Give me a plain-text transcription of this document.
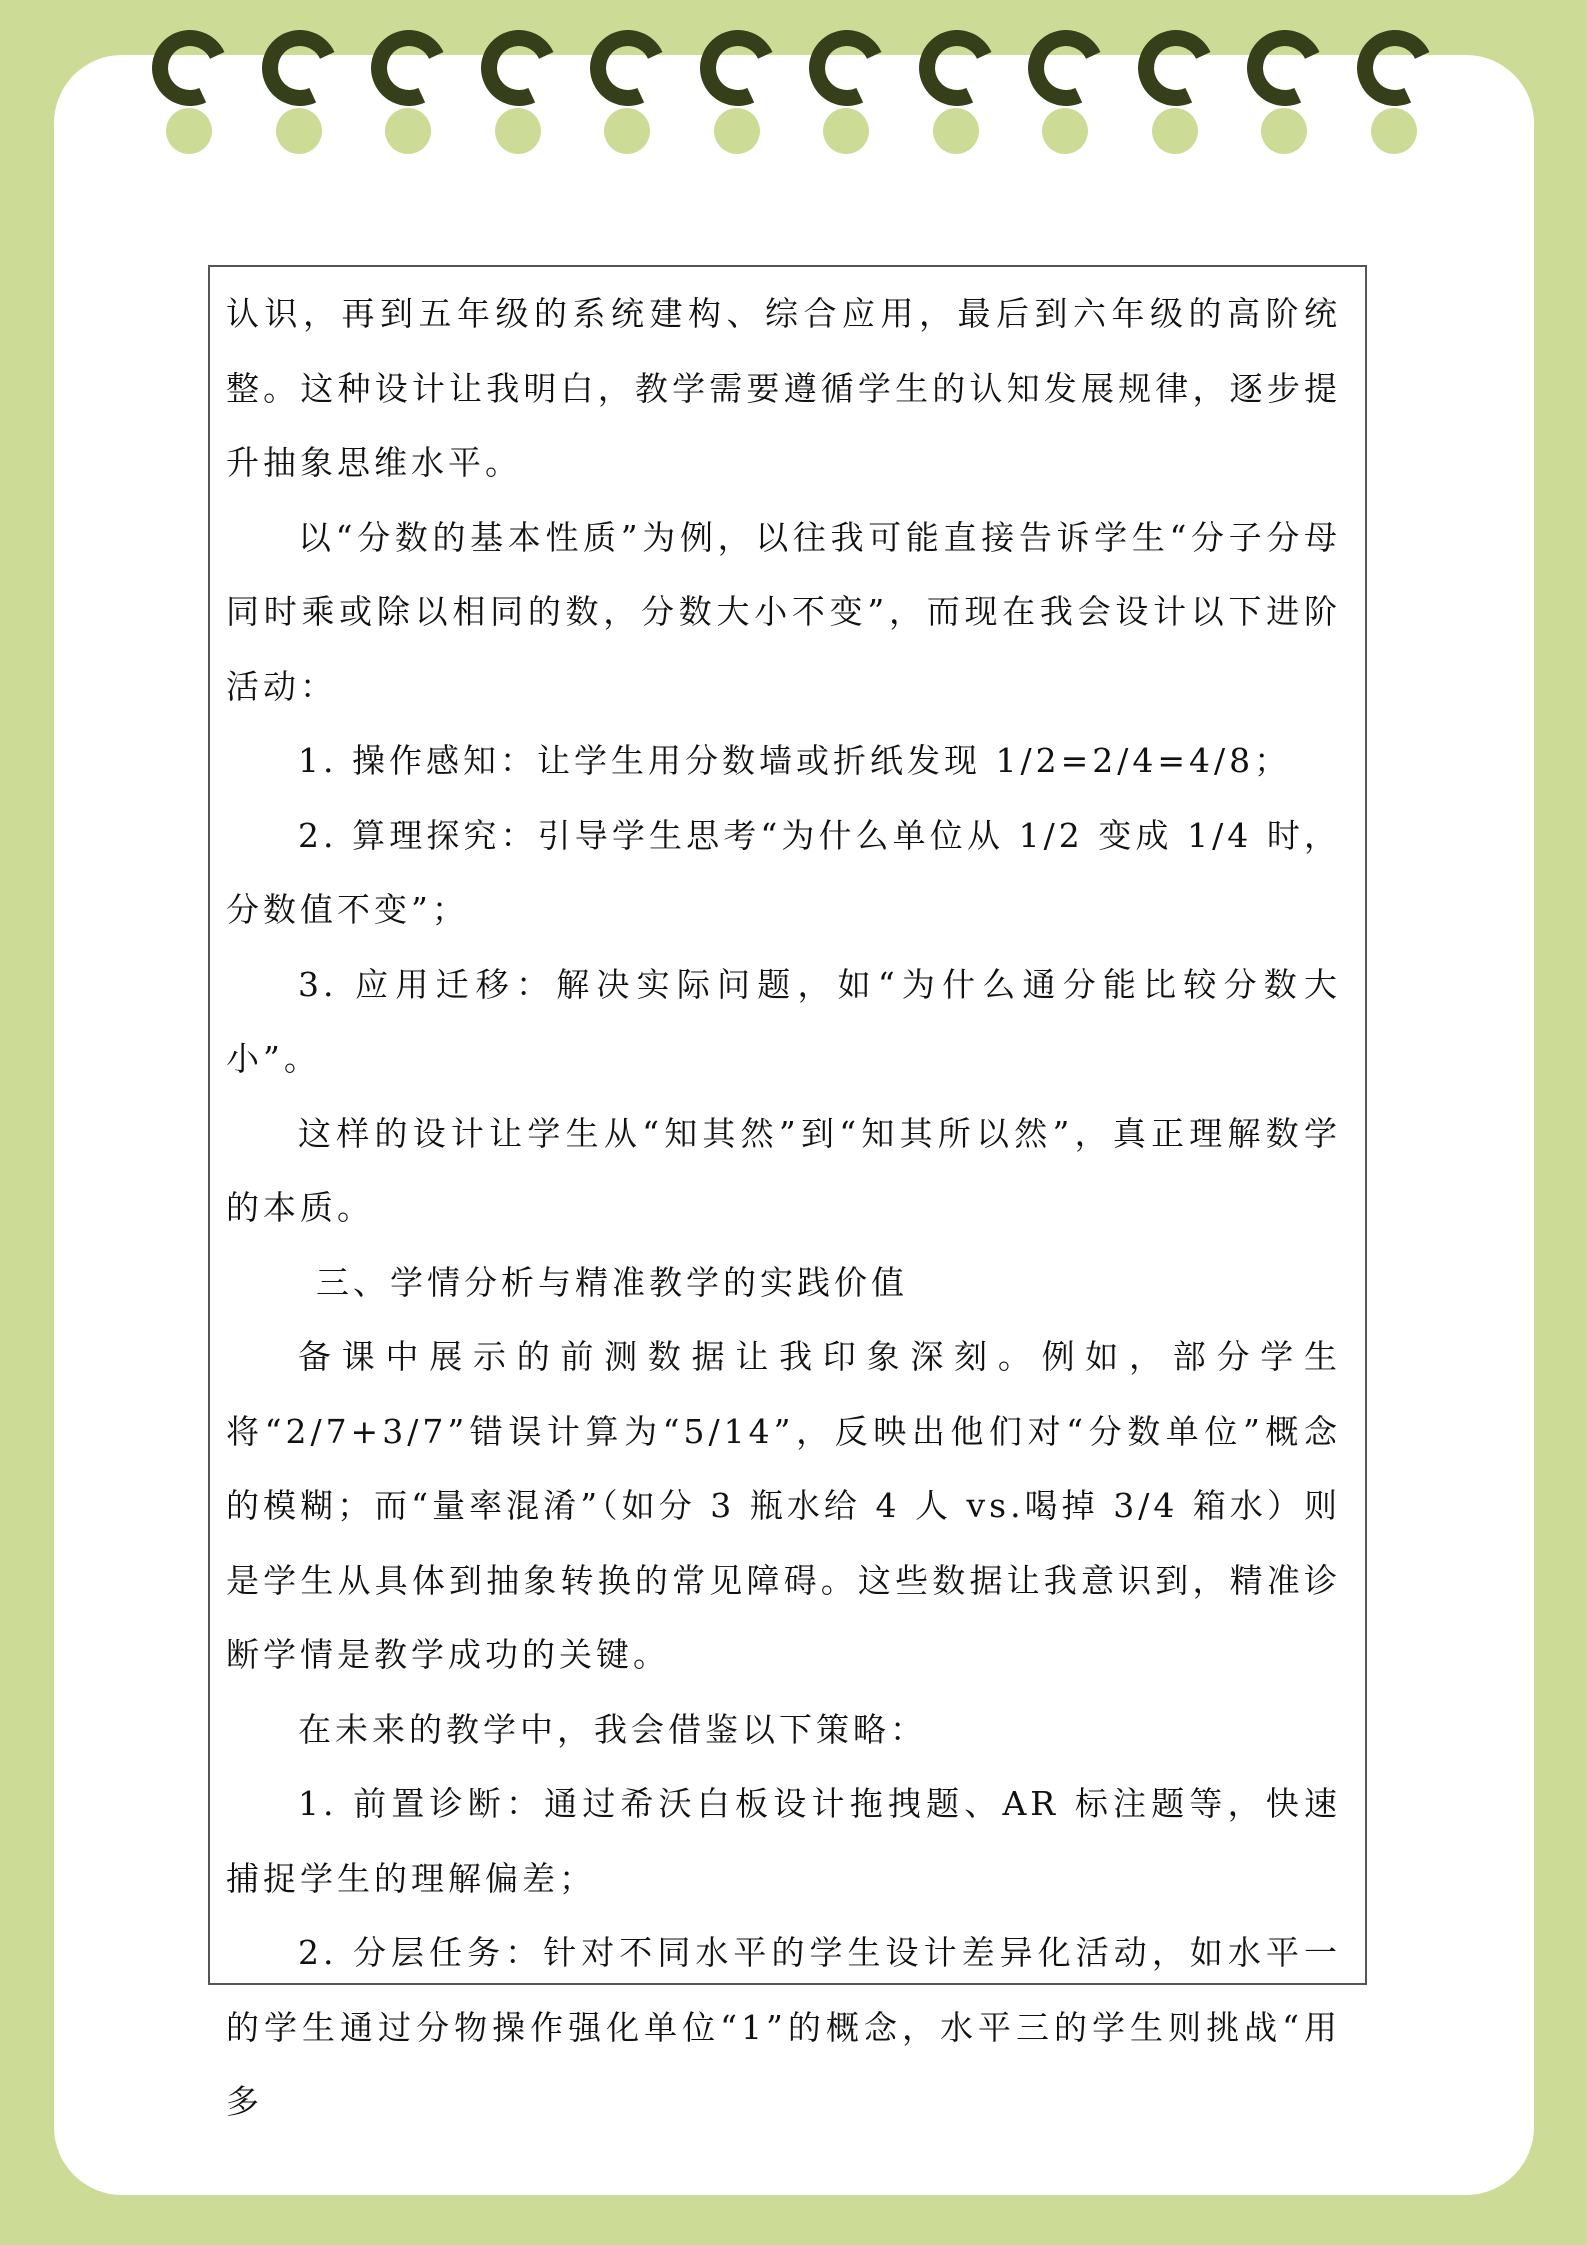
认识，再到五年级的系统建构、综合应用，最后到六年级的高阶统整。这种设计让我明白，教学需要遵循学生的认知发展规律，逐步提升抽象思维水平。

以“分数的基本性质”为例，以往我可能直接告诉学生“分子分母同时乘或除以相同的数，分数大小不变”，而现在我会设计以下进阶活动：

1. 操作感知：让学生用分数墙或折纸发现 1/2=2/4=4/8；

2. 算理探究：引导学生思考“为什么单位从 1/2 变成 1/4 时，分数值不变”；

3. 应用迁移：解决实际问题，如“为什么通分能比较分数大小”。

这样的设计让学生从“知其然”到“知其所以然”，真正理解数学的本质。

三、学情分析与精准教学的实践价值

备课中展示的前测数据让我印象深刻。例如，部分学生将“2/7+3/7”错误计算为“5/14”，反映出他们对“分数单位”概念的模糊；而“量率混淆”（如分 3 瓶水给 4 人 vs.喝掉 3/4 箱水）则是学生从具体到抽象转换的常见障碍。这些数据让我意识到，精准诊断学情是教学成功的关键。

在未来的教学中，我会借鉴以下策略：

1. 前置诊断：通过希沃白板设计拖拽题、AR 标注题等，快速捕捉学生的理解偏差；

2. 分层任务：针对不同水平的学生设计差异化活动，如水平一的学生通过分物操作强化单位“1”的概念，水平三的学生则挑战“用多
